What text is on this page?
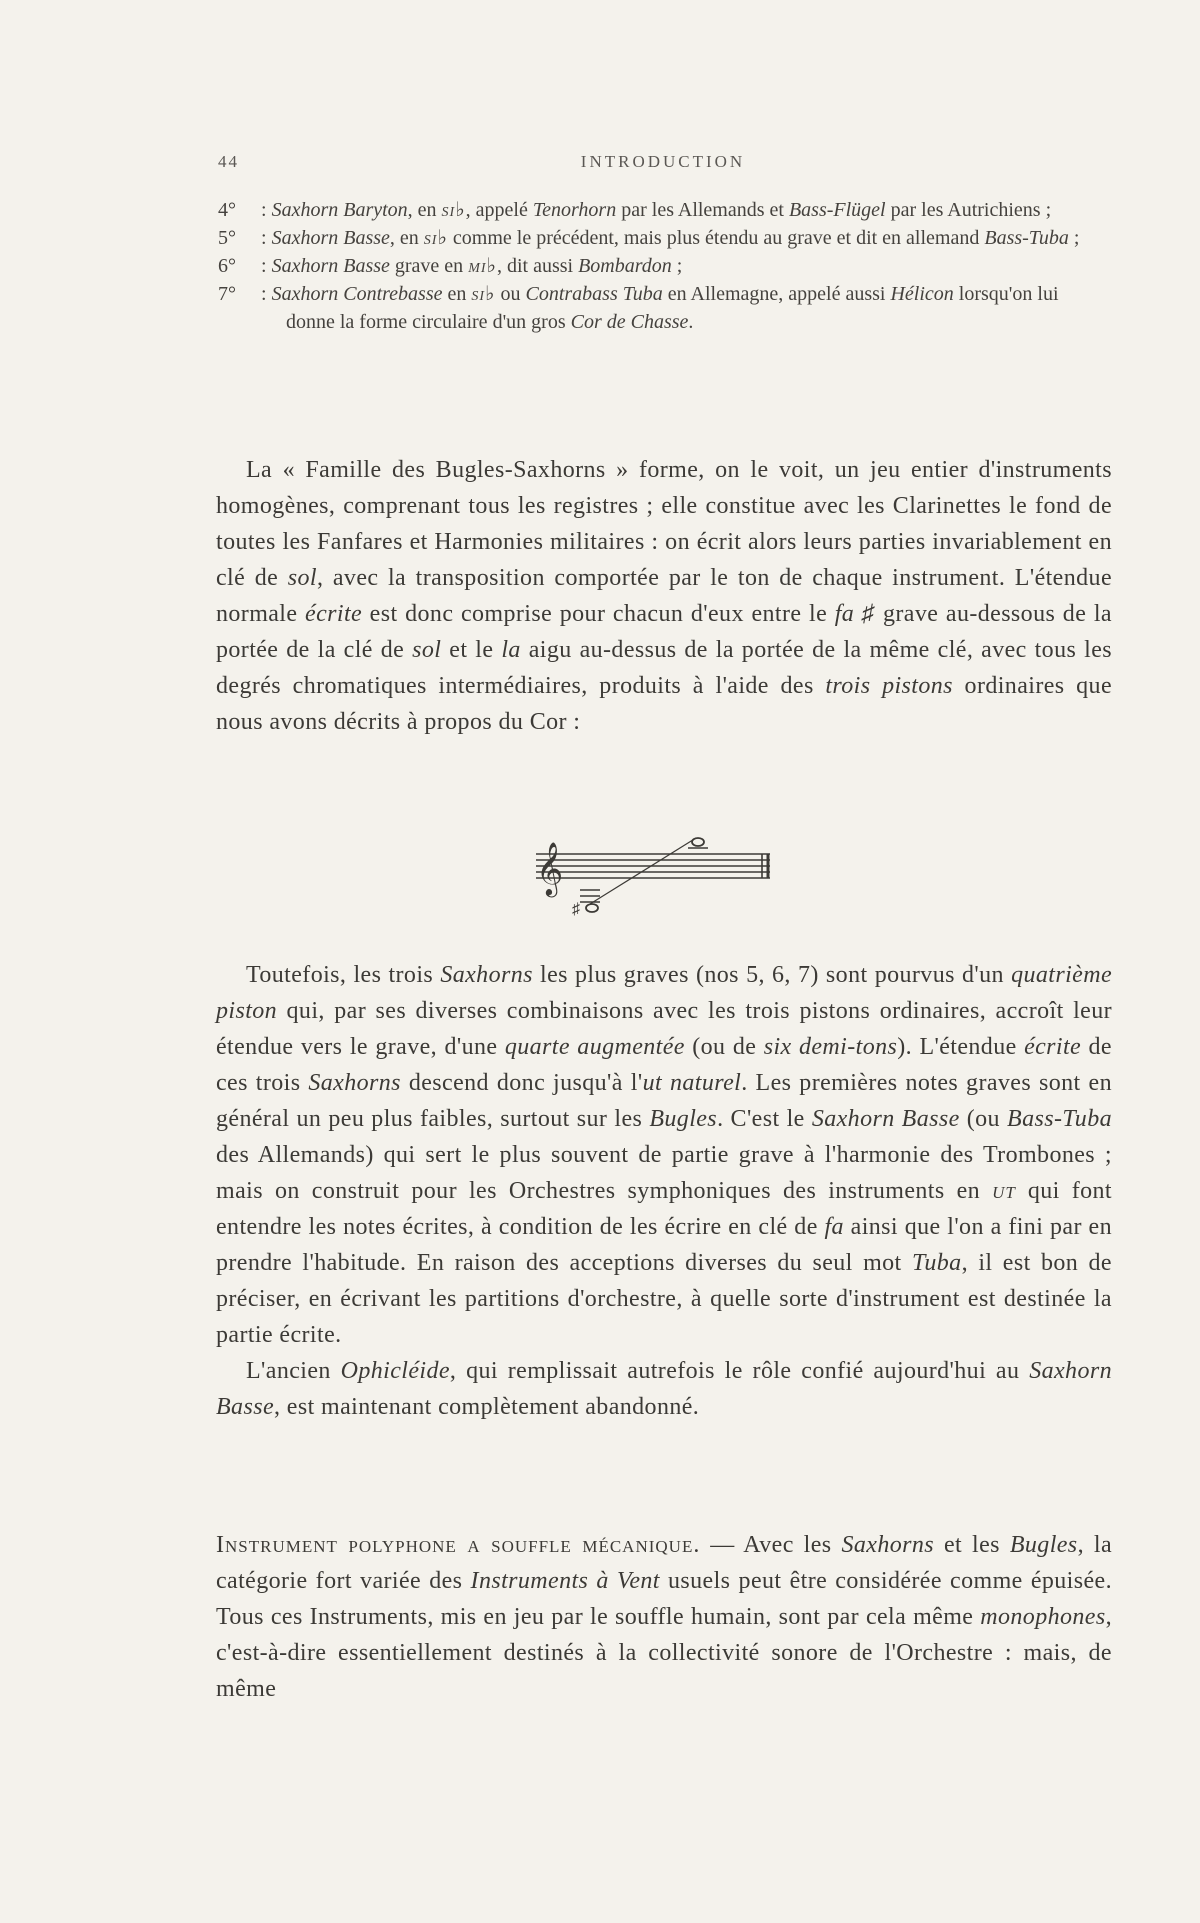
44	INTRODUCTION
4° : Saxhorn Baryton, en si♭, appelé Tenorhorn par les Allemands et Bass-Flügel par les Autrichiens ;
5° : Saxhorn Basse, en si♭ comme le précédent, mais plus étendu au grave et dit en allemand Bass-Tuba ;
6° : Saxhorn Basse grave en mi♭, dit aussi Bombardon ;
7° : Saxhorn Contrebasse en si♭ ou Contrabass Tuba en Allemagne, appelé aussi Hélicon lorsqu'on lui donne la forme circulaire d'un gros Cor de Chasse.

La « Famille des Bugles-Saxhorns » forme, on le voit, un jeu entier d'instruments homogènes, comprenant tous les registres ; elle constitue avec les Clarinettes le fond de toutes les Fanfares et Harmonies militaires : on écrit alors leurs parties invariablement en clé de sol, avec la transposition comportée par le ton de chaque instrument. L'étendue normale écrite est donc comprise pour chacun d'eux entre le fa ♯ grave au-dessous de la portée de la clé de sol et le la aigu au-dessus de la portée de la même clé, avec tous les degrés chromatiques intermédiaires, produits à l'aide des trois pistons ordinaires que nous avons décrits à propos du Cor :

𝄞
♯

Toutefois, les trois Saxhorns les plus graves (nos 5, 6, 7) sont pourvus d'un quatrième piston qui, par ses diverses combinaisons avec les trois pistons ordinaires, accroît leur étendue vers le grave, d'une quarte augmentée (ou de six demi-tons). L'étendue écrite de ces trois Saxhorns descend donc jusqu'à l'ut naturel. Les premières notes graves sont en général un peu plus faibles, surtout sur les Bugles. C'est le Saxhorn Basse (ou Bass-Tuba des Allemands) qui sert le plus souvent de partie grave à l'harmonie des Trombones ; mais on construit pour les Orchestres symphoniques des instruments en ut qui font entendre les notes écrites, à condition de les écrire en clé de fa ainsi que l'on a fini par en prendre l'habitude. En raison des acceptions diverses du seul mot Tuba, il est bon de préciser, en écrivant les partitions d'orchestre, à quelle sorte d'instrument est destinée la partie écrite.

L'ancien Ophicléide, qui remplissait autrefois le rôle confié aujourd'hui au Saxhorn Basse, est maintenant complètement abandonné.

Instrument polyphone a souffle mécanique. — Avec les Saxhorns et les Bugles, la catégorie fort variée des Instruments à Vent usuels peut être considérée comme épuisée. Tous ces Instruments, mis en jeu par le souffle humain, sont par cela même monophones, c'est-à-dire essentiellement destinés à la collectivité sonore de l'Orchestre : mais, de même
